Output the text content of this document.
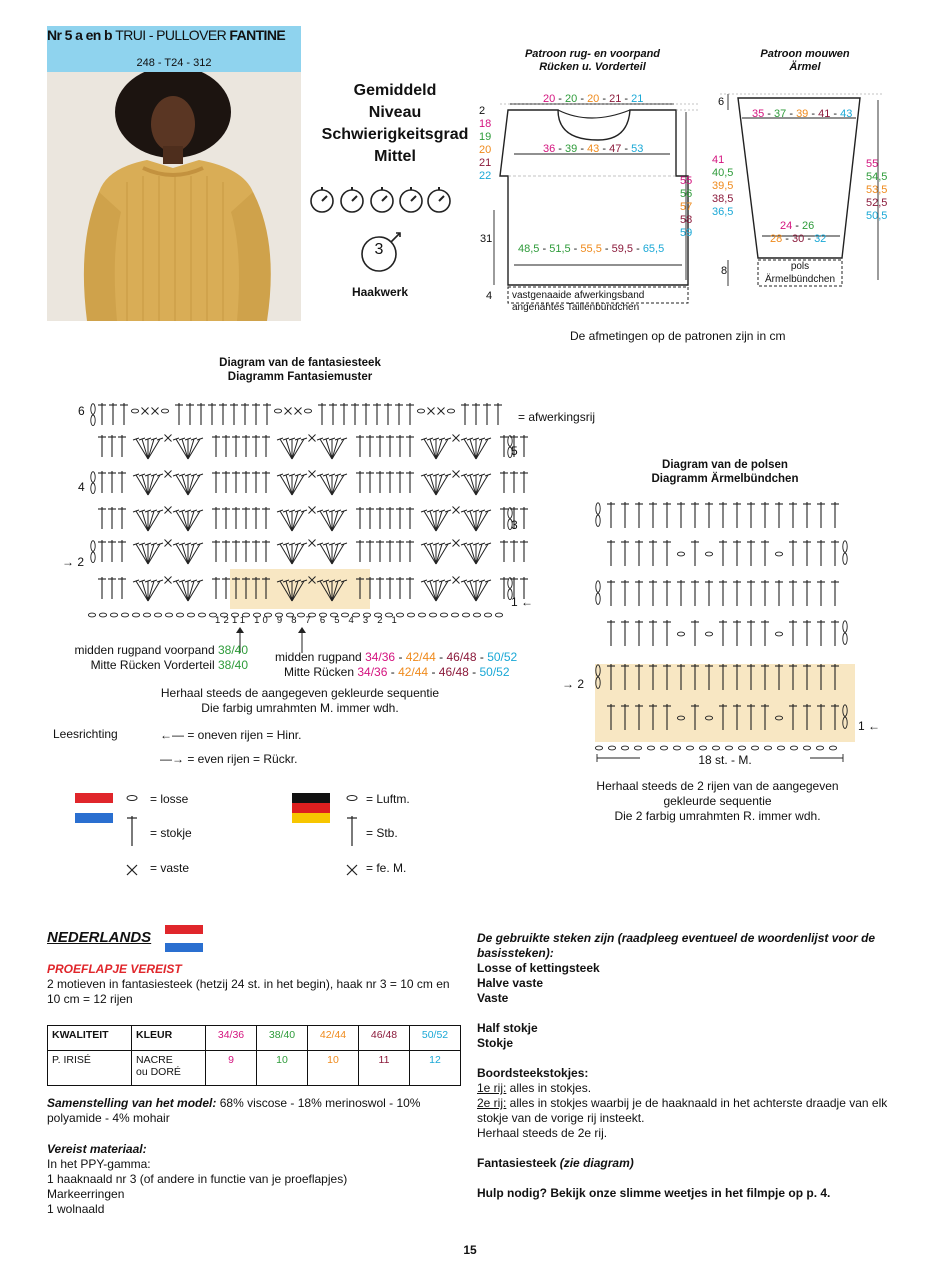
Nr 5 a en b TRUI - PULLOVER FANTINE
248 - T24 - 312
Gemiddeld
Niveau
Schwierigkeitsgrad
Mittel
3
Haakwerk
Patroon rug- en voorpand
Rücken u. Vorderteil
Patroon mouwen
Ärmel
20 - 20 - 20 - 21 - 21
2
18
19
20
21
22
36 - 39 - 43 - 47 - 53
55
56
57
58
59
31
48,5 - 51,5 - 55,5 - 59,5 - 65,5
4 vastgenaaide afwerkingsband
angenähtes Taillenbündchen
6
35 - 37 - 39 - 41 - 43
41
40,5
39,5
38,5
36,5
55
54,5
53,5
52,5
50,5
24 - 26
28 - 30 - 32
8	pols
Ärmelbündchen
De afmetingen op de patronen zijn in cm
Diagram van de fantasiesteek
Diagramm Fantasiemuster
6	= afwerkingsrij
5
4
3
→ 2
1 ←
1211 10 9 8 7 6 5 4 3 2 1
midden rugpand voorpand 38/40
Mitte Rücken Vorderteil 38/40
midden rugpand 34/36 - 42/44 - 46/48 - 50/52
Mitte Rücken 34/36 - 42/44 - 46/48 - 50/52
Herhaal steeds de aangegeven gekleurde sequentie
Die farbig umrahmten M. immer wdh.
Leesrichting	←— = oneven rijen = Hinr.
—→ = even rijen = Rückr.
= losse
= stokje
= vaste
= Luftm.
= Stb.
= fe. M.
Diagram van de polsen
Diagramm Ärmelbündchen
→ 2
1 ←
18 st. - M.
Herhaal steeds de 2 rijen van de aangegeven
gekleurde sequentie
Die 2 farbig umrahmten R. immer wdh.
NEDERLANDS
PROEFLAPJE VEREIST
2 motieven in fantasiesteek (hetzij 24 st. in het begin), haak nr 3 = 10 cm en 10 cm = 12 rijen
KWALITEIT	KLEUR	34/36	38/40	42/44	46/48	50/52
P. IRISÉ	NACRE
ou DORÉ	9	10	10	11	12
Samenstelling van het model: 68% viscose - 18% merinoswol - 10% polyamide - 4% mohair
Vereist materiaal:
In het PPY-gamma:
1 haaknaald nr 3 (of andere in functie van je proeflapjes)
Markeerringen
1 wolnaald
De gebruikte steken zijn (raadpleeg eventueel de woordenlijst voor de basissteken):
Losse of kettingsteek
Halve vaste
Vaste
Half stokje
Stokje
Boordsteekstokjes:
1e rij: alles in stokjes.
2e rij: alles in stokjes waarbij je de haaknaald in het achterste draadje van elk stokje van de vorige rij insteekt.
Herhaal steeds de 2e rij.
Fantasiesteek (zie diagram)
Hulp nodig? Bekijk onze slimme weetjes in het filmpje op p. 4.
15
